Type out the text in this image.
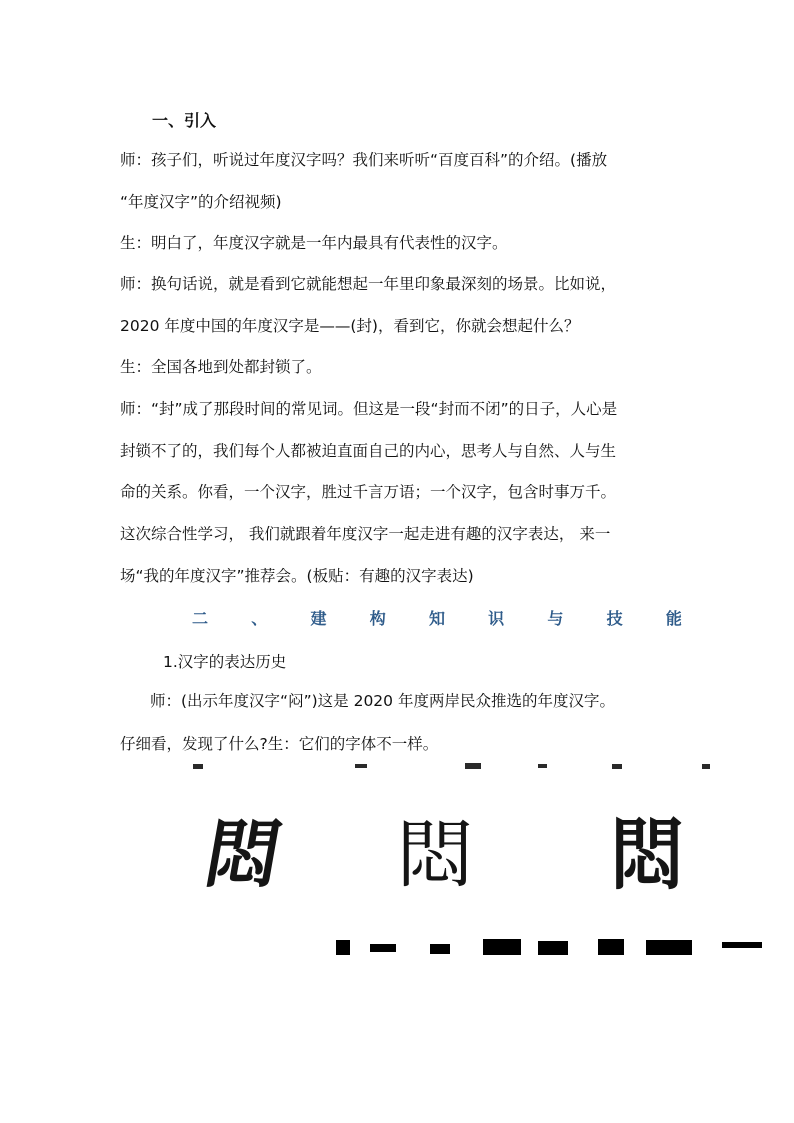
一、引入
师：孩子们，听说过年度汉字吗？我们来听听“百度百科”的介绍。(播放
“年度汉字”的介绍视频)
生：明白了，年度汉字就是一年内最具有代表性的汉字。
师：换句话说，就是看到它就能想起一年里印象最深刻的场景。比如说，
2020 年度中国的年度汉字是——(封)，看到它，你就会想起什么？
生：全国各地到处都封锁了。
师：“封”成了那段时间的常见词。但这是一段“封而不闭”的日子，人心是
封锁不了的，我们每个人都被迫直面自己的内心，思考人与自然、人与生
命的关系。你看，一个汉字，胜过千言万语；一个汉字，包含时事万千。
这次综合性学习， 我们就跟着年度汉字一起走进有趣的汉字表达， 来一
场“我的年度汉字”推荐会。(板贴：有趣的汉字表达)
二	、	建	构	知	识	与	技	能
1.汉字的表达历史
师：(出示年度汉字“闷”)这是 2020 年度两岸民众推选的年度汉字。
仔细看，发现了什么?生：它们的字体不一样。
悶 悶 悶
